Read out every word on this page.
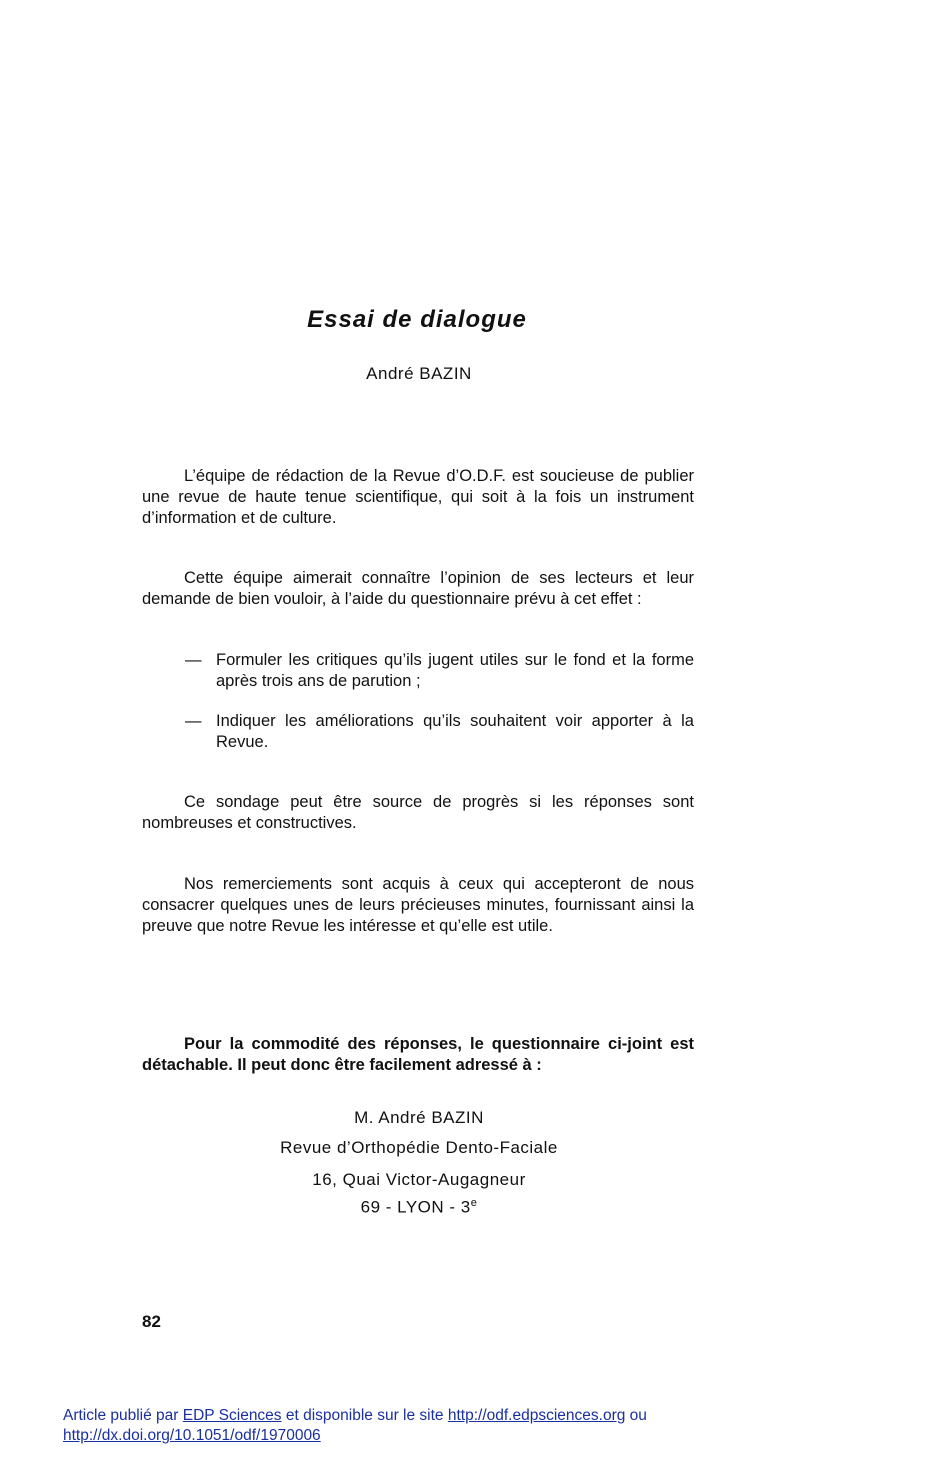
Essai de dialogue
André BAZIN

L’équipe de rédaction de la Revue d’O.D.F. est soucieuse de publier une revue de haute tenue scientifique, qui soit à la fois un instrument d’information et de culture.

Cette équipe aimerait connaître l’opinion de ses lecteurs et leur demande de bien vouloir, à l’aide du questionnaire prévu à cet effet :

— Formuler les critiques qu’ils jugent utiles sur le fond et la forme après trois ans de parution ;
— Indiquer les améliorations qu’ils souhaitent voir apporter à la Revue.

Ce sondage peut être source de progrès si les réponses sont nombreuses et constructives.

Nos remerciements sont acquis à ceux qui accepteront de nous consacrer quelques unes de leurs précieuses minutes, fournissant ainsi la preuve que notre Revue les intéresse et qu’elle est utile.

Pour la commodité des réponses, le questionnaire ci-joint est détachable. Il peut donc être facilement adressé à :

M. André BAZIN
Revue d’Orthopédie Dento-Faciale
16, Quai Victor-Augagneur
69 - LYON - 3e
82
Article publié par EDP Sciences et disponible sur le site http://odf.edpsciences.org ou
http://dx.doi.org/10.1051/odf/1970006
